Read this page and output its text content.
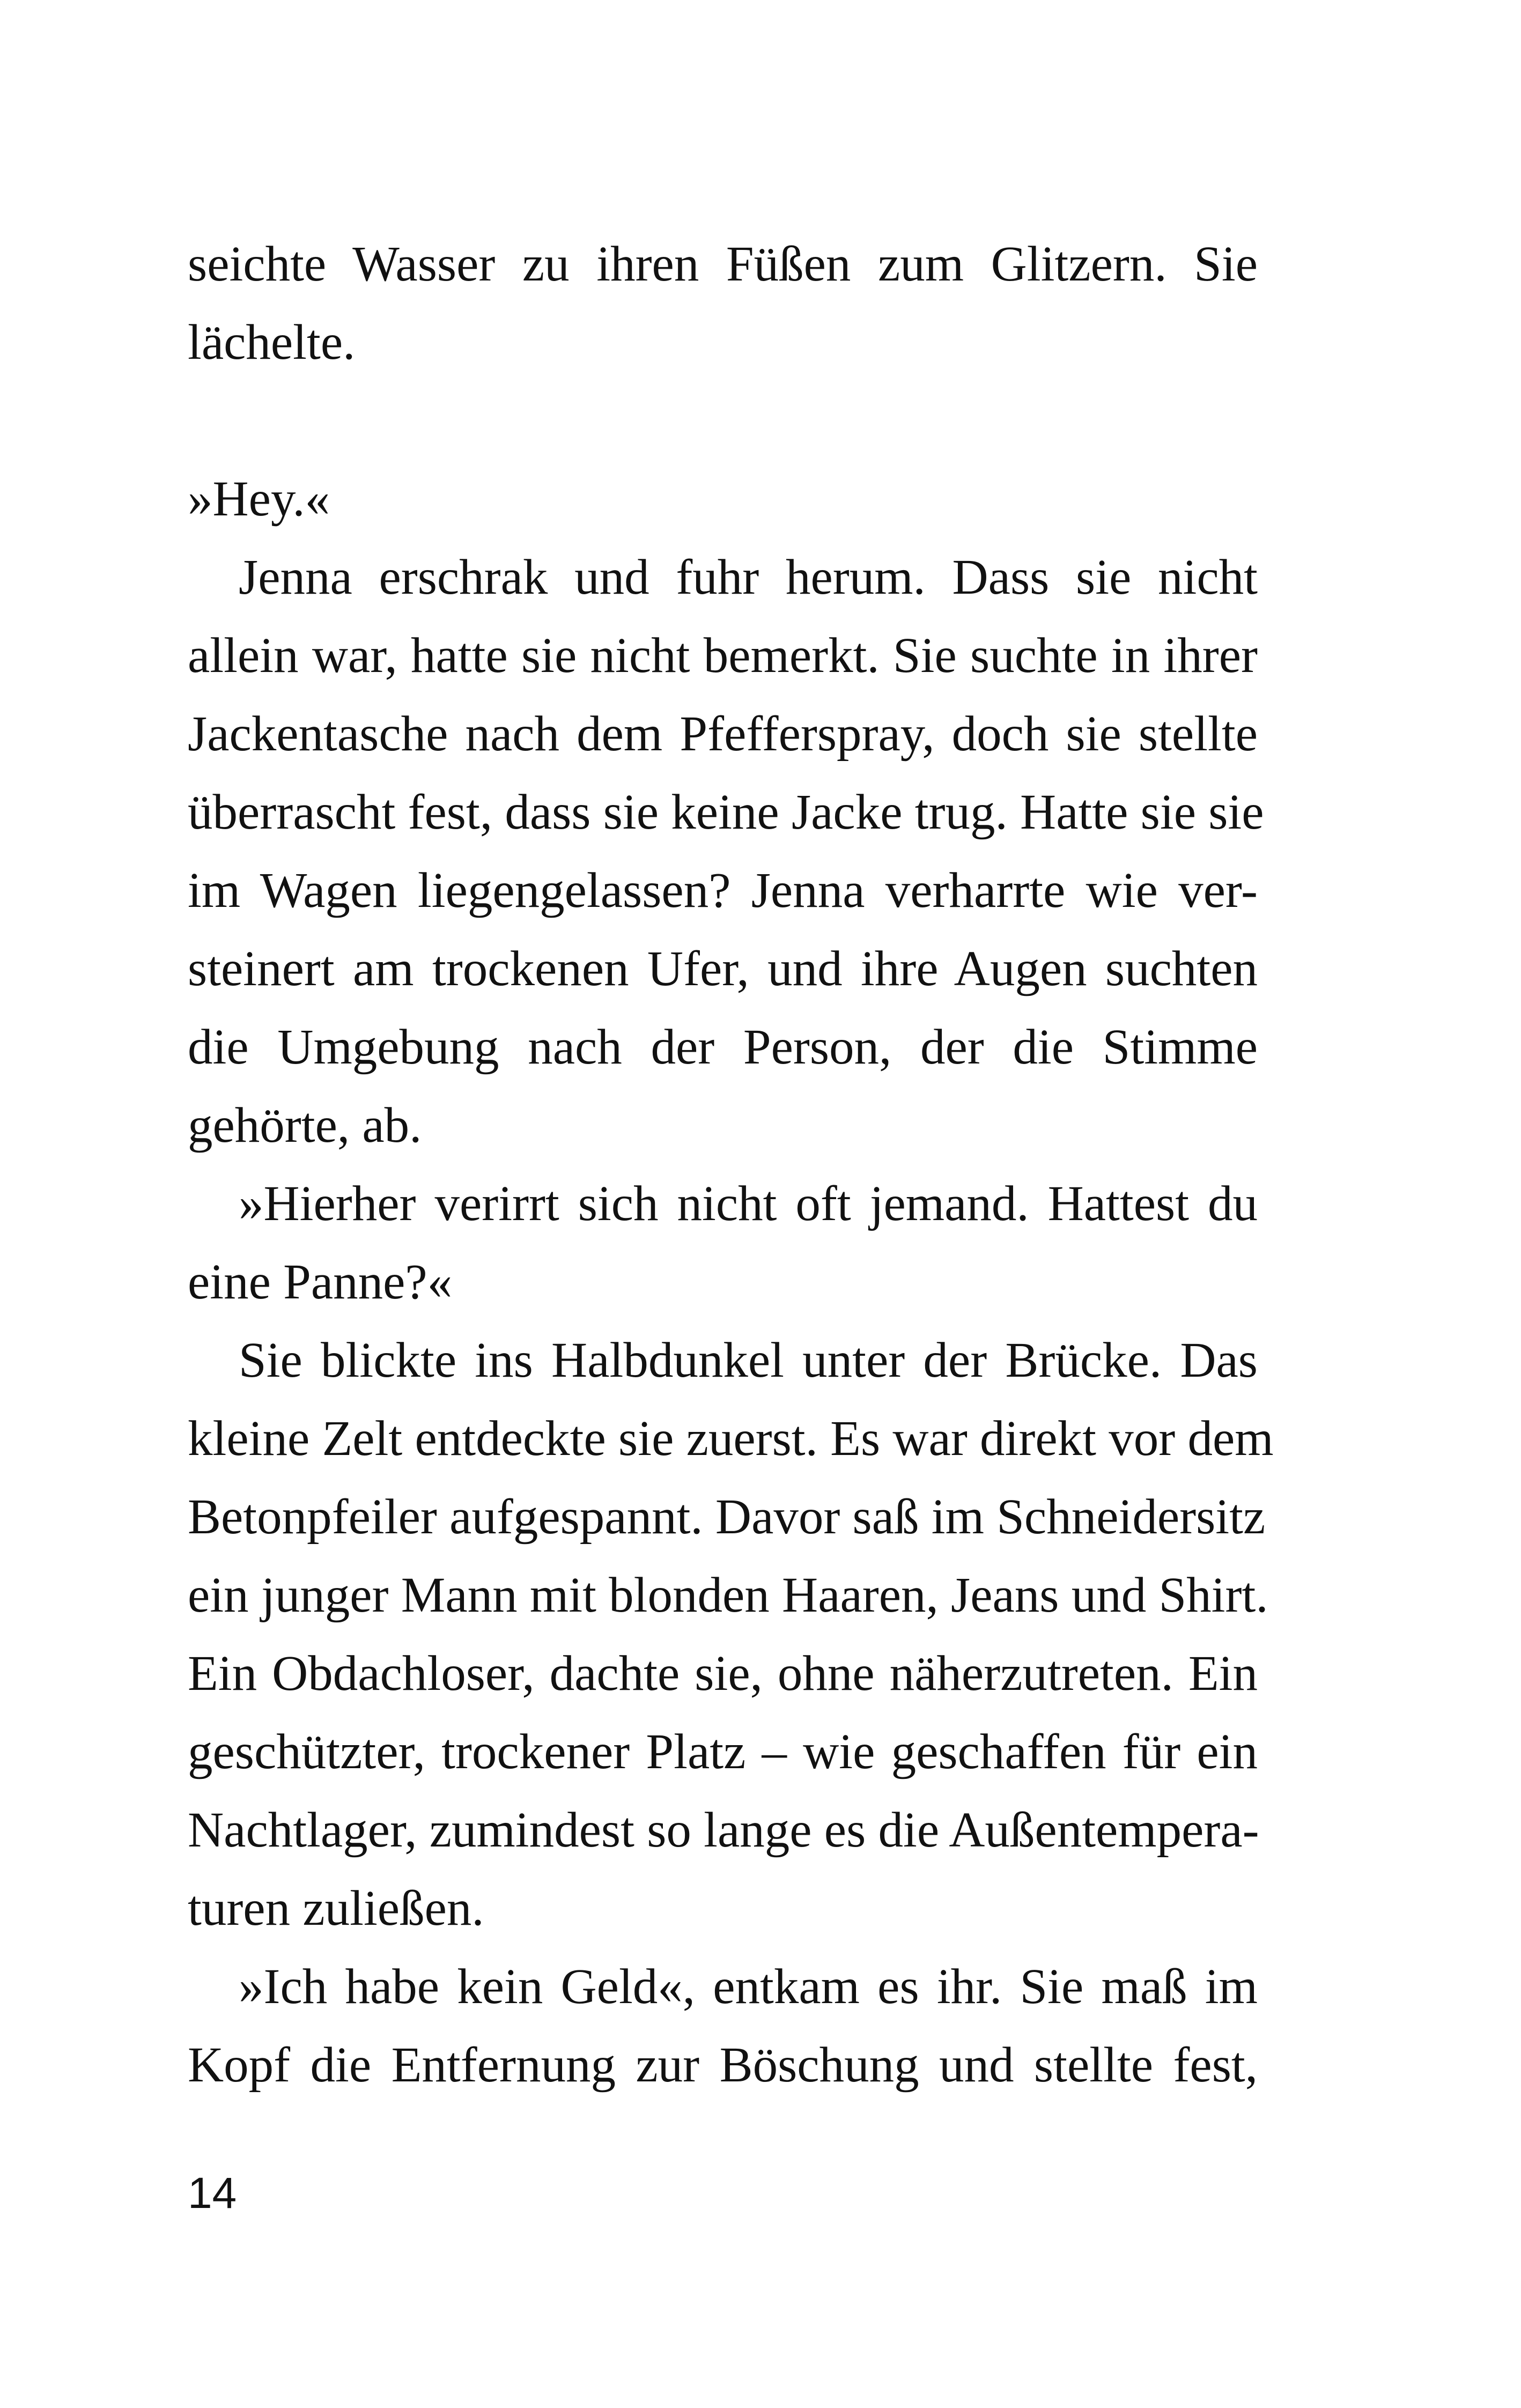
seichte Wasser zu ihren Füßen zum Glitzern. Sie
lächelte.
»Hey.«
Jenna erschrak und fuhr herum. Dass sie nicht
allein war, hatte sie nicht bemerkt. Sie suchte in ihrer
Jackentasche nach dem Pfefferspray, doch sie stellte
überrascht fest, dass sie keine Jacke trug. Hatte sie sie
im Wagen liegengelassen? Jenna verharrte wie ver-
steinert am trockenen Ufer, und ihre Augen suchten
die Umgebung nach der Person, der die Stimme
gehörte, ab.
»Hierher verirrt sich nicht oft jemand. Hattest du
eine Panne?«
Sie blickte ins Halbdunkel unter der Brücke. Das
kleine Zelt entdeckte sie zuerst. Es war direkt vor dem
Betonpfeiler aufgespannt. Davor saß im Schneidersitz
ein junger Mann mit blonden Haaren, Jeans und Shirt.
Ein Obdachloser, dachte sie, ohne näherzutreten. Ein
geschützter, trockener Platz – wie geschaffen für ein
Nachtlager, zumindest so lange es die Außentempera-
turen zuließen.
»Ich habe kein Geld«, entkam es ihr. Sie maß im
Kopf die Entfernung zur Böschung und stellte fest,
14
